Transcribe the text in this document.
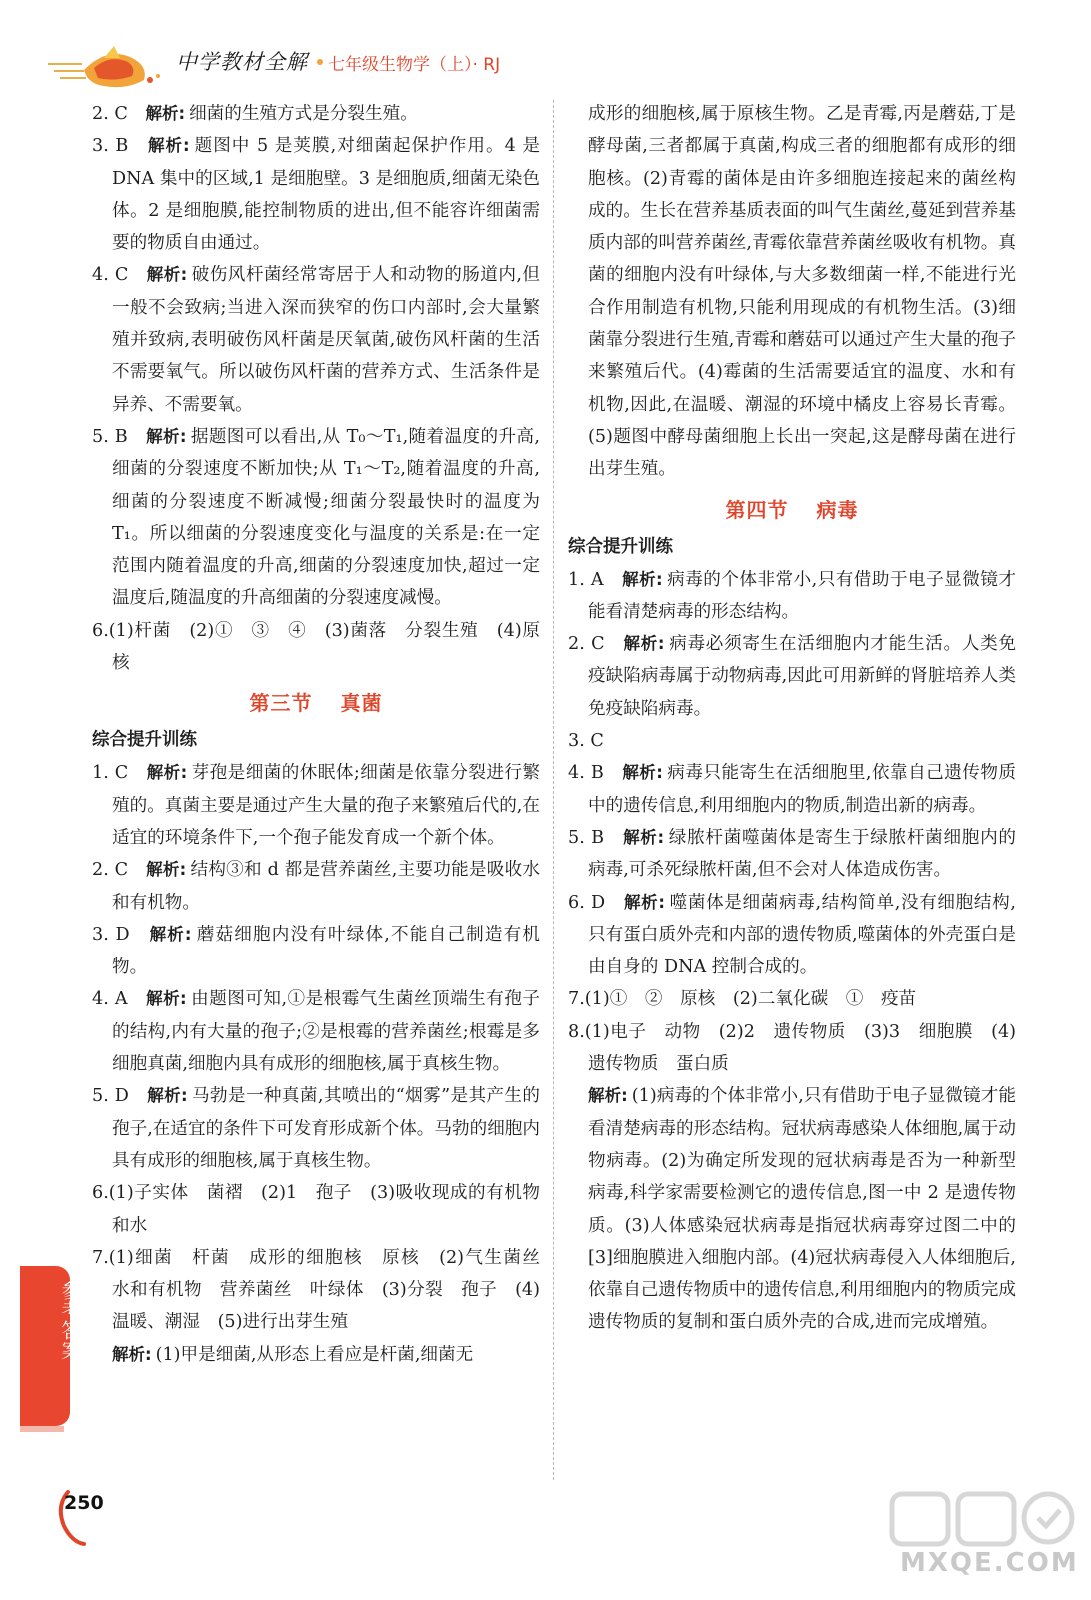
中学教材全解 七年级生物学（上）· RJ
2. C　 解析: 细菌的生殖方式是分裂生殖。
3. B　 解析: 题图中 5 是荚膜,对细菌起保护作用。4 是 DNA 集中的区域,1 是细胞壁。3 是细胞质,细菌无染色体。2 是细胞膜,能控制物质的进出,但不能容许细菌需要的物质自由通过。
4. C　 解析: 破伤风杆菌经常寄居于人和动物的肠道内,但一般不会致病;当进入深而狭窄的伤口内部时,会大量繁殖并致病,表明破伤风杆菌是厌氧菌,破伤风杆菌的生活不需要氧气。所以破伤风杆菌的营养方式、生活条件是异养、不需要氧。
5. B　 解析: 据题图可以看出,从 T₀～T₁,随着温度的升高,细菌的分裂速度不断加快;从 T₁～T₂,随着温度的升高,细菌的分裂速度不断减慢;细菌分裂最快时的温度为 T₁。所以细菌的分裂速度变化与温度的关系是:在一定范围内随着温度的升高,细菌的分裂速度加快,超过一定温度后,随温度的升高细菌的分裂速度减慢。
6.(1)杆菌　(2)①　③　④　(3)菌落　分裂生殖　(4)原核
第三节 真菌
综合提升训练
1. C　 解析: 芽孢是细菌的休眠体;细菌是依靠分裂进行繁殖的。真菌主要是通过产生大量的孢子来繁殖后代的,在适宜的环境条件下,一个孢子能发育成一个新个体。
2. C　 解析: 结构③和 d 都是营养菌丝,主要功能是吸收水和有机物。
3. D　 解析: 蘑菇细胞内没有叶绿体,不能自己制造有机物。
4. A　 解析: 由题图可知,①是根霉气生菌丝顶端生有孢子的结构,内有大量的孢子;②是根霉的营养菌丝;根霉是多细胞真菌,细胞内具有成形的细胞核,属于真核生物。
5. D　 解析: 马勃是一种真菌,其喷出的“烟雾”是其产生的孢子,在适宜的条件下可发育形成新个体。马勃的细胞内具有成形的细胞核,属于真核生物。
6.(1)子实体　菌褶　(2)1　孢子　(3)吸收现成的有机物和水
7.(1)细菌　杆菌　成形的细胞核　原核　(2)气生菌丝　水和有机物　营养菌丝　叶绿体　(3)分裂　孢子　(4)温暖、潮湿　(5)进行出芽生殖
解析: (1)甲是细菌,从形态上看应是杆菌,细菌无
成形的细胞核,属于原核生物。乙是青霉,丙是蘑菇,丁是酵母菌,三者都属于真菌,构成三者的细胞都有成形的细胞核。(2)青霉的菌体是由许多细胞连接起来的菌丝构成的。生长在营养基质表面的叫气生菌丝,蔓延到营养基质内部的叫营养菌丝,青霉依靠营养菌丝吸收有机物。真菌的细胞内没有叶绿体,与大多数细菌一样,不能进行光合作用制造有机物,只能利用现成的有机物生活。(3)细菌靠分裂进行生殖,青霉和蘑菇可以通过产生大量的孢子来繁殖后代。(4)霉菌的生活需要适宜的温度、水和有机物,因此,在温暖、潮湿的环境中橘皮上容易长青霉。(5)题图中酵母菌细胞上长出一突起,这是酵母菌在进行出芽生殖。
第四节 病毒
综合提升训练
1. A　 解析: 病毒的个体非常小,只有借助于电子显微镜才能看清楚病毒的形态结构。
2. C　 解析: 病毒必须寄生在活细胞内才能生活。人类免疫缺陷病毒属于动物病毒,因此可用新鲜的肾脏培养人类免疫缺陷病毒。
3. C
4. B　 解析: 病毒只能寄生在活细胞里,依靠自己遗传物质中的遗传信息,利用细胞内的物质,制造出新的病毒。
5. B　 解析: 绿脓杆菌噬菌体是寄生于绿脓杆菌细胞内的病毒,可杀死绿脓杆菌,但不会对人体造成伤害。
6. D　 解析: 噬菌体是细菌病毒,结构简单,没有细胞结构,只有蛋白质外壳和内部的遗传物质,噬菌体的外壳蛋白是由自身的 DNA 控制合成的。
7.(1)①　②　原核　(2)二氧化碳　①　疫苗
8.(1)电子　动物　(2)2　遗传物质　(3)3　细胞膜　(4)遗传物质　蛋白质
解析: (1)病毒的个体非常小,只有借助于电子显微镜才能看清楚病毒的形态结构。冠状病毒感染人体细胞,属于动物病毒。(2)为确定所发现的冠状病毒是否为一种新型病毒,科学家需要检测它的遗传信息,图一中 2 是遗传物质。(3)人体感染冠状病毒是指冠状病毒穿过图二中的[3]细胞膜进入细胞内部。(4)冠状病毒侵入人体细胞后,依靠自己遗传物质中的遗传信息,利用细胞内的物质完成遗传物质的复制和蛋白质外壳的合成,进而完成增殖。
参考答案
250
MXQE.COM
